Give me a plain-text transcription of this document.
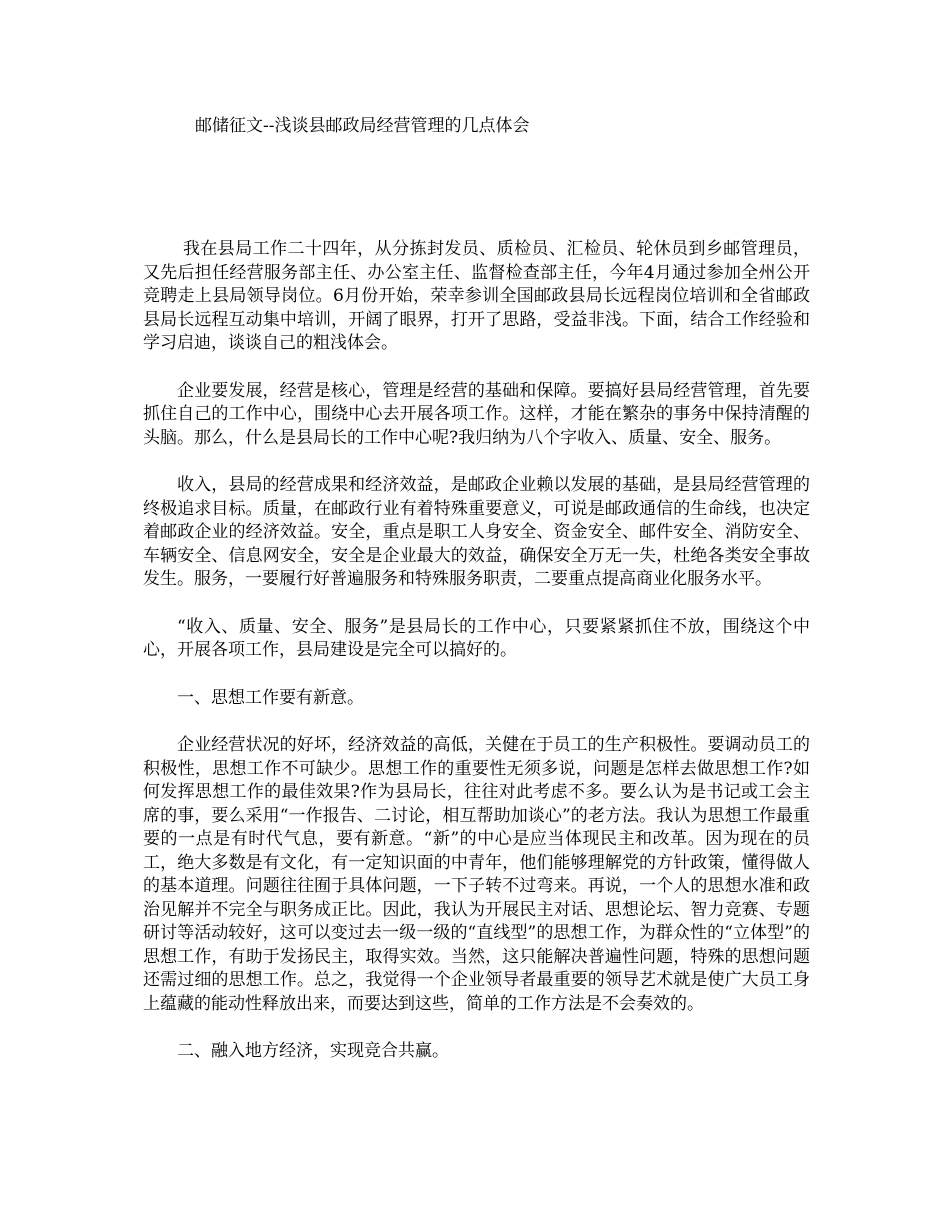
邮储征文--浅谈县邮政局经营管理的几点体会

我在县局工作二十四年，从分拣封发员、质检员、汇检员、轮休员到乡邮管理员，又先后担任经营服务部主任、办公室主任、监督检查部主任，今年4月通过参加全州公开竞聘走上县局领导岗位。6月份开始，荣幸参训全国邮政县局长远程岗位培训和全省邮政县局长远程互动集中培训，开阔了眼界，打开了思路，受益非浅。下面，结合工作经验和学习启迪，谈谈自己的粗浅体会。

企业要发展，经营是核心，管理是经营的基础和保障。要搞好县局经营管理，首先要抓住自己的工作中心，围绕中心去开展各项工作。这样，才能在繁杂的事务中保持清醒的头脑。那么，什么是县局长的工作中心呢?我归纳为八个字收入、质量、安全、服务。

收入，县局的经营成果和经济效益，是邮政企业赖以发展的基础，是县局经营管理的终极追求目标。质量，在邮政行业有着特殊重要意义，可说是邮政通信的生命线，也决定着邮政企业的经济效益。安全，重点是职工人身安全、资金安全、邮件安全、消防安全、车辆安全、信息网安全，安全是企业最大的效益，确保安全万无一失，杜绝各类安全事故发生。服务，一要履行好普遍服务和特殊服务职责，二要重点提高商业化服务水平。

“收入、质量、安全、服务”是县局长的工作中心，只要紧紧抓住不放，围绕这个中心，开展各项工作，县局建设是完全可以搞好的。

一、思想工作要有新意。

企业经营状况的好坏，经济效益的高低，关健在于员工的生产积极性。要调动员工的积极性，思想工作不可缺少。思想工作的重要性无须多说，问题是怎样去做思想工作?如何发挥思想工作的最佳效果?作为县局长，往往对此考虑不多。要么认为是书记或工会主席的事，要么采用“一作报告、二讨论，相互帮助加谈心”的老方法。我认为思想工作最重要的一点是有时代气息，要有新意。“新”的中心是应当体现民主和改革。因为现在的员工，绝大多数是有文化，有一定知识面的中青年，他们能够理解党的方针政策，懂得做人的基本道理。问题往往囿于具体问题，一下子转不过弯来。再说，一个人的思想水准和政治见解并不完全与职务成正比。因此，我认为开展民主对话、思想论坛、智力竞赛、专题研讨等活动较好，这可以变过去一级一级的“直线型”的思想工作，为群众性的“立体型”的思想工作，有助于发扬民主，取得实效。当然，这只能解决普遍性问题，特殊的思想问题还需过细的思想工作。总之，我觉得一个企业领导者最重要的领导艺术就是使广大员工身上蕴藏的能动性释放出来，而要达到这些，简单的工作方法是不会奏效的。

二、融入地方经济，实现竞合共赢。
